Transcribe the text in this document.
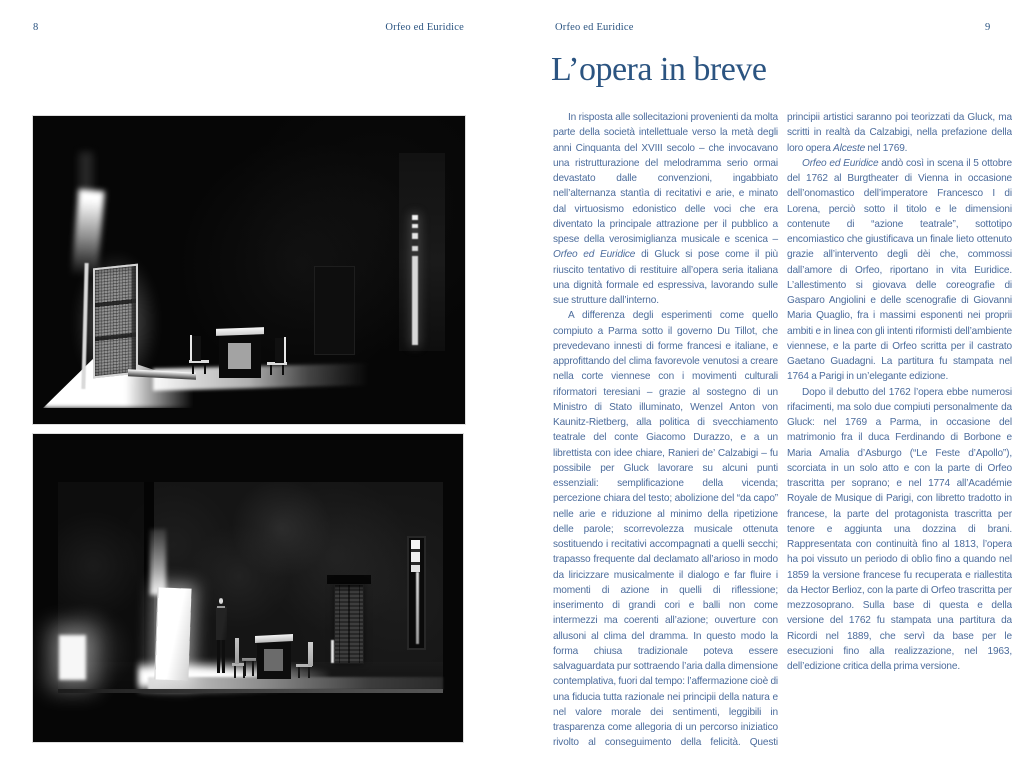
8	Orfeo ed Euridice	Orfeo ed Euridice	9
L’opera in breve

In risposta alle sollecitazioni provenienti da molta parte della società intellettuale verso la metà degli anni Cinquanta del XVIII secolo – che invocavano una ristrutturazione del melodramma serio ormai devastato dalle convenzioni, ingabbiato nell’alternanza stantìa di recitativi e arie, e minato dal virtuosismo edonistico delle voci che era diventato la principale attrazione per il pubblico a spese della verosimiglianza musicale e scenica – Orfeo ed Euridice di Gluck si pose come il più riuscito tentativo di restituire all’opera seria italiana una dignità formale ed espressiva, lavorando sulle sue strutture dall’interno.

A differenza degli esperimenti come quello compiuto a Parma sotto il governo Du Tillot, che prevedevano innesti di forme francesi e italiane, e approfittando del clima favorevole venutosi a creare nella corte viennese con i movimenti culturali riformatori teresiani – grazie al sostegno di un Ministro di Stato illuminato, Wenzel Anton von Kaunitz-Rietberg, alla politica di svecchiamento teatrale del conte Giacomo Durazzo, e a un librettista con idee chiare, Ranieri de’ Calzabigi – fu possibile per Gluck lavorare su alcuni punti essenziali: semplificazione della vicenda; percezione chiara del testo; abolizione del “da capo” nelle arie e riduzione al minimo della ripetizione delle parole; scorrevolezza musicale ottenuta sostituendo i recitativi accompagnati a quelli secchi; trapasso frequente dal declamato all’arioso in modo da liricizzare musicalmente il dialogo e far fluire i momenti di azione in quelli di riflessione; inserimento di grandi cori e balli non come intermezzi ma coerenti all’azione; ouverture con allusoni al clima del dramma. In questo modo la forma chiusa tradizionale poteva essere salvaguardata pur sottraendo l’aria dalla dimensione contemplativa, fuori dal tempo: l’affermazione cioè di una fiducia tutta razionale nei principii della natura e nel valore morale dei sentimenti, leggibili in trasparenza come allegoria di un percorso iniziatico rivolto al conseguimento della felicità. Questi principii artistici saranno poi teorizzati da Gluck, ma scritti in realtà da Calzabigi, nella prefazione della loro opera Alceste nel 1769.

Orfeo ed Euridice andò così in scena il 5 ottobre del 1762 al Burgtheater di Vienna in occasione dell’onomastico dell’imperatore Francesco I di Lorena, perciò sotto il titolo e le dimensioni contenute di “azione teatrale”, sottotipo encomiastico che giustificava un finale lieto ottenuto grazie all’intervento degli dèi che, commossi dall’amore di Orfeo, riportano in vita Euridice. L’allestimento si giovava delle coreografie di Gasparo Angiolini e delle scenografie di Giovanni Maria Quaglio, fra i massimi esponenti nei proprii ambiti e in linea con gli intenti riformisti dell’ambiente viennese, e la parte di Orfeo scritta per il castrato Gaetano Guadagni. La partitura fu stampata nel 1764 a Parigi in un’elegante edizione.

Dopo il debutto del 1762 l’opera ebbe numerosi rifacimenti, ma solo due compiuti personalmente da Gluck: nel 1769 a Parma, in occasione del matrimonio fra il duca Ferdinando di Borbone e Maria Amalia d’Asburgo (“Le Feste d’Apollo”), scorciata in un solo atto e con la parte di Orfeo trascritta per soprano; e nel 1774 all’Académie Royale de Musique di Parigi, con libretto tradotto in francese, la parte del protagonista trascritta per tenore e aggiunta una dozzina di brani. Rappresentata con continuità fino al 1813, l’opera ha poi vissuto un periodo di oblìo fino a quando nel 1859 la versione francese fu recuperata e riallestita da Hector Berlioz, con la parte di Orfeo trascritta per mezzosoprano. Sulla base di questa e della versione del 1762 fu stampata una partitura da Ricordi nel 1889, che servì da base per le esecuzioni fino alla realizzazione, nel 1963, dell’edizione critica della prima versione.
